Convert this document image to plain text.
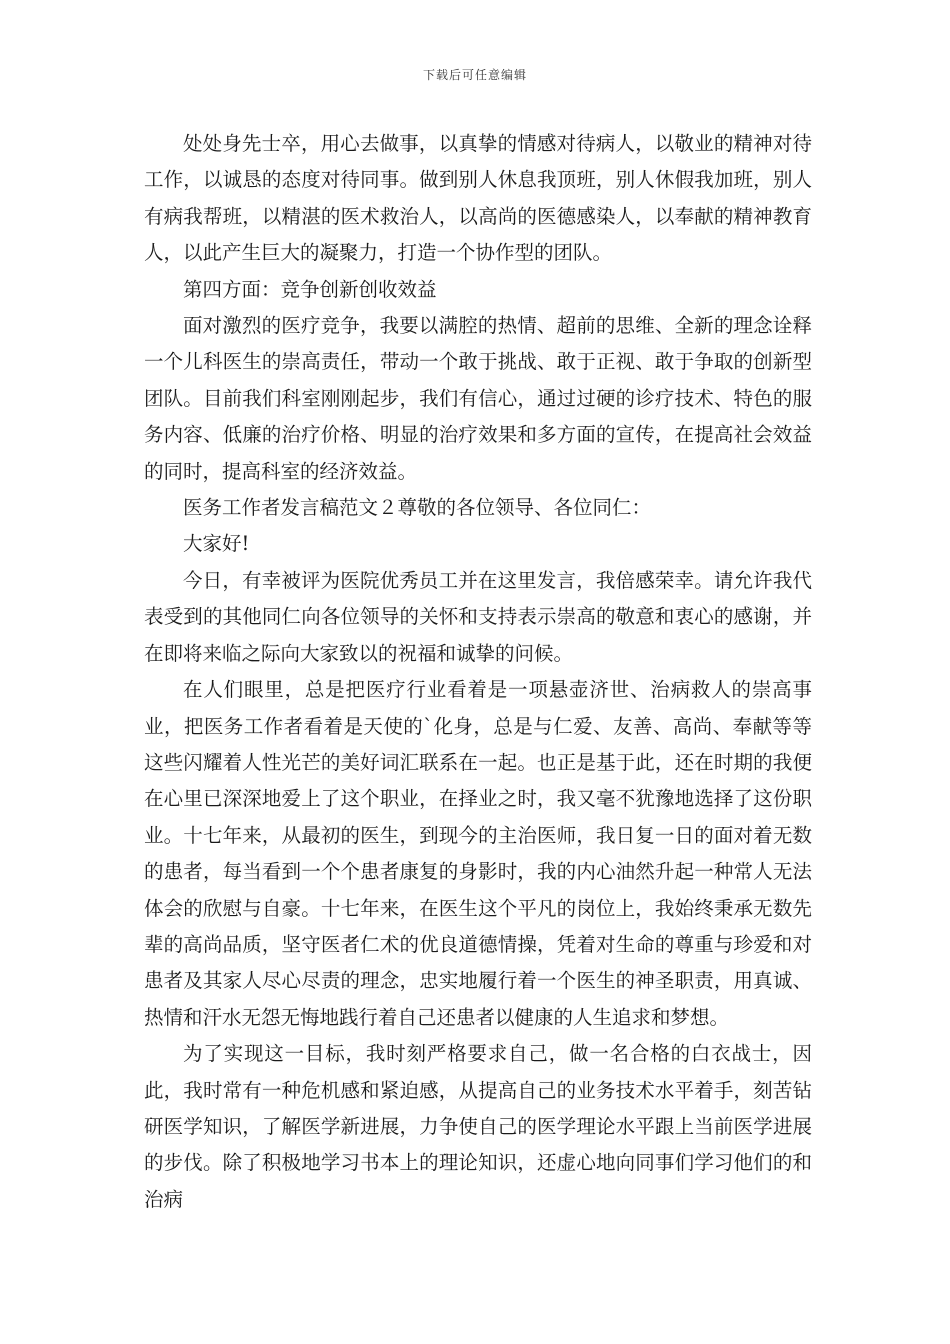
下载后可任意编辑

处处身先士卒，用心去做事，以真挚的情感对待病人，以敬业的精神对待工作，以诚恳的态度对待同事。做到别人休息我顶班，别人休假我加班，别人有病我帮班，以精湛的医术救治人，以高尚的医德感染人，以奉献的精神教育人，以此产生巨大的凝聚力，打造一个协作型的团队。

第四方面：竞争创新创收效益

面对激烈的医疗竞争，我要以满腔的热情、超前的思维、全新的理念诠释一个儿科医生的崇高责任，带动一个敢于挑战、敢于正视、敢于争取的创新型团队。目前我们科室刚刚起步，我们有信心，通过过硬的诊疗技术、特色的服务内容、低廉的治疗价格、明显的治疗效果和多方面的宣传，在提高社会效益的同时，提高科室的经济效益。

医务工作者发言稿范文２尊敬的各位领导、各位同仁：

大家好!

今日，有幸被评为医院优秀员工并在这里发言，我倍感荣幸。请允许我代表受到的其他同仁向各位领导的关怀和支持表示崇高的敬意和衷心的感谢，并在即将来临之际向大家致以的祝福和诚挚的问候。

在人们眼里，总是把医疗行业看着是一项悬壶济世、治病救人的崇高事业，把医务工作者看着是天使的`化身，总是与仁爱、友善、高尚、奉献等等这些闪耀着人性光芒的美好词汇联系在一起。也正是基于此，还在时期的我便在心里已深深地爱上了这个职业，在择业之时，我又毫不犹豫地选择了这份职业。十七年来，从最初的医生，到现今的主治医师，我日复一日的面对着无数的患者，每当看到一个个患者康复的身影时，我的内心油然升起一种常人无法体会的欣慰与自豪。十七年来，在医生这个平凡的岗位上，我始终秉承无数先辈的高尚品质，坚守医者仁术的优良道德情操，凭着对生命的尊重与珍爱和对患者及其家人尽心尽责的理念，忠实地履行着一个医生的神圣职责，用真诚、热情和汗水无怨无悔地践行着自己还患者以健康的人生追求和梦想。

为了实现这一目标，我时刻严格要求自己，做一名合格的白衣战士，因此，我时常有一种危机感和紧迫感，从提高自己的业务技术水平着手，刻苦钻研医学知识，了解医学新进展，力争使自己的医学理论水平跟上当前医学进展的步伐。除了积极地学习书本上的理论知识，还虚心地向同事们学习他们的和治病
